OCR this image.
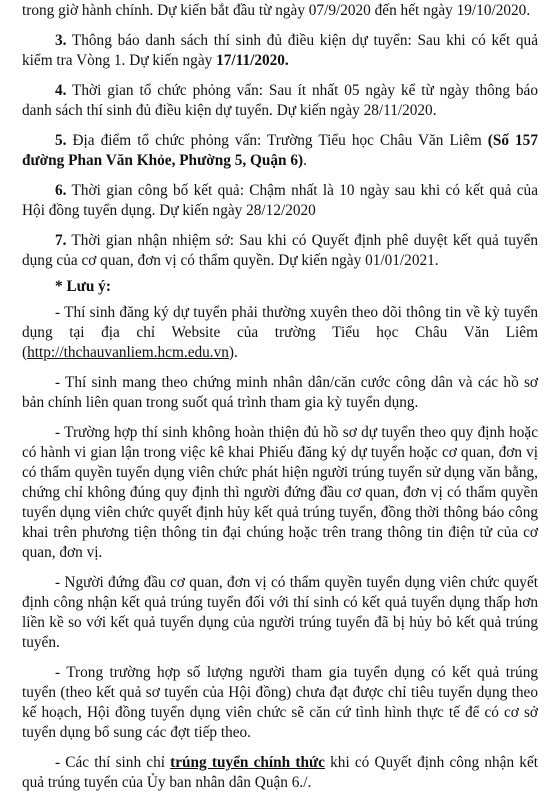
trong giờ hành chính. Dự kiến bắt đầu từ ngày 07/9/2020 đến hết ngày 19/10/2020.

3. Thông báo danh sách thí sinh đủ điều kiện dự tuyển: Sau khi có kết quả kiểm tra Vòng 1. Dự kiến ngày 17/11/2020.

4. Thời gian tổ chức phỏng vấn: Sau ít nhất 05 ngày kể từ ngày thông báo danh sách thí sinh đủ điều kiện dự tuyển. Dự kiến ngày 28/11/2020.

5. Địa điểm tổ chức phỏng vấn: Trường Tiểu học Châu Văn Liêm (Số 157 đường Phan Văn Khỏe, Phường 5, Quận 6).

6. Thời gian công bố kết quả: Chậm nhất là 10 ngày sau khi có kết quả của Hội đồng tuyển dụng. Dự kiến ngày 28/12/2020

7. Thời gian nhận nhiệm sở: Sau khi có Quyết định phê duyệt kết quả tuyển dụng của cơ quan, đơn vị có thẩm quyền. Dự kiến ngày 01/01/2021.

* Lưu ý:

- Thí sinh đăng ký dự tuyển phải thường xuyên theo dõi thông tin về kỳ tuyển dụng tại địa chỉ Website của trường Tiểu học Châu Văn Liêm (http://thchauvanliem.hcm.edu.vn).

- Thí sinh mang theo chứng minh nhân dân/căn cước công dân và các hồ sơ bản chính liên quan trong suốt quá trình tham gia kỳ tuyển dụng.

- Trường hợp thí sinh không hoàn thiện đủ hồ sơ dự tuyển theo quy định hoặc có hành vi gian lận trong việc kê khai Phiếu đăng ký dự tuyển hoặc cơ quan, đơn vị có thẩm quyền tuyển dụng viên chức phát hiện người trúng tuyển sử dụng văn bằng, chứng chỉ không đúng quy định thì người đứng đầu cơ quan, đơn vị có thẩm quyền tuyển dụng viên chức quyết định hủy kết quả trúng tuyển, đồng thời thông báo công khai trên phương tiện thông tin đại chúng hoặc trên trang thông tin điện tử của cơ quan, đơn vị.

- Người đứng đầu cơ quan, đơn vị có thẩm quyền tuyển dụng viên chức quyết định công nhận kết quả trúng tuyển đối với thí sinh có kết quả tuyển dụng thấp hơn liền kề so với kết quả tuyển dụng của người trúng tuyển đã bị hủy bỏ kết quả trúng tuyển.

- Trong trường hợp số lượng người tham gia tuyển dụng có kết quả trúng tuyển (theo kết quả sơ tuyển của Hội đồng) chưa đạt được chỉ tiêu tuyển dụng theo kế hoạch, Hội đồng tuyển dụng viên chức sẽ căn cứ tình hình thực tế để có cơ sở tuyển dụng bổ sung các đợt tiếp theo.

- Các thí sinh chỉ trúng tuyển chính thức khi có Quyết định công nhận kết quả trúng tuyển của Ủy ban nhân dân Quận 6./.
